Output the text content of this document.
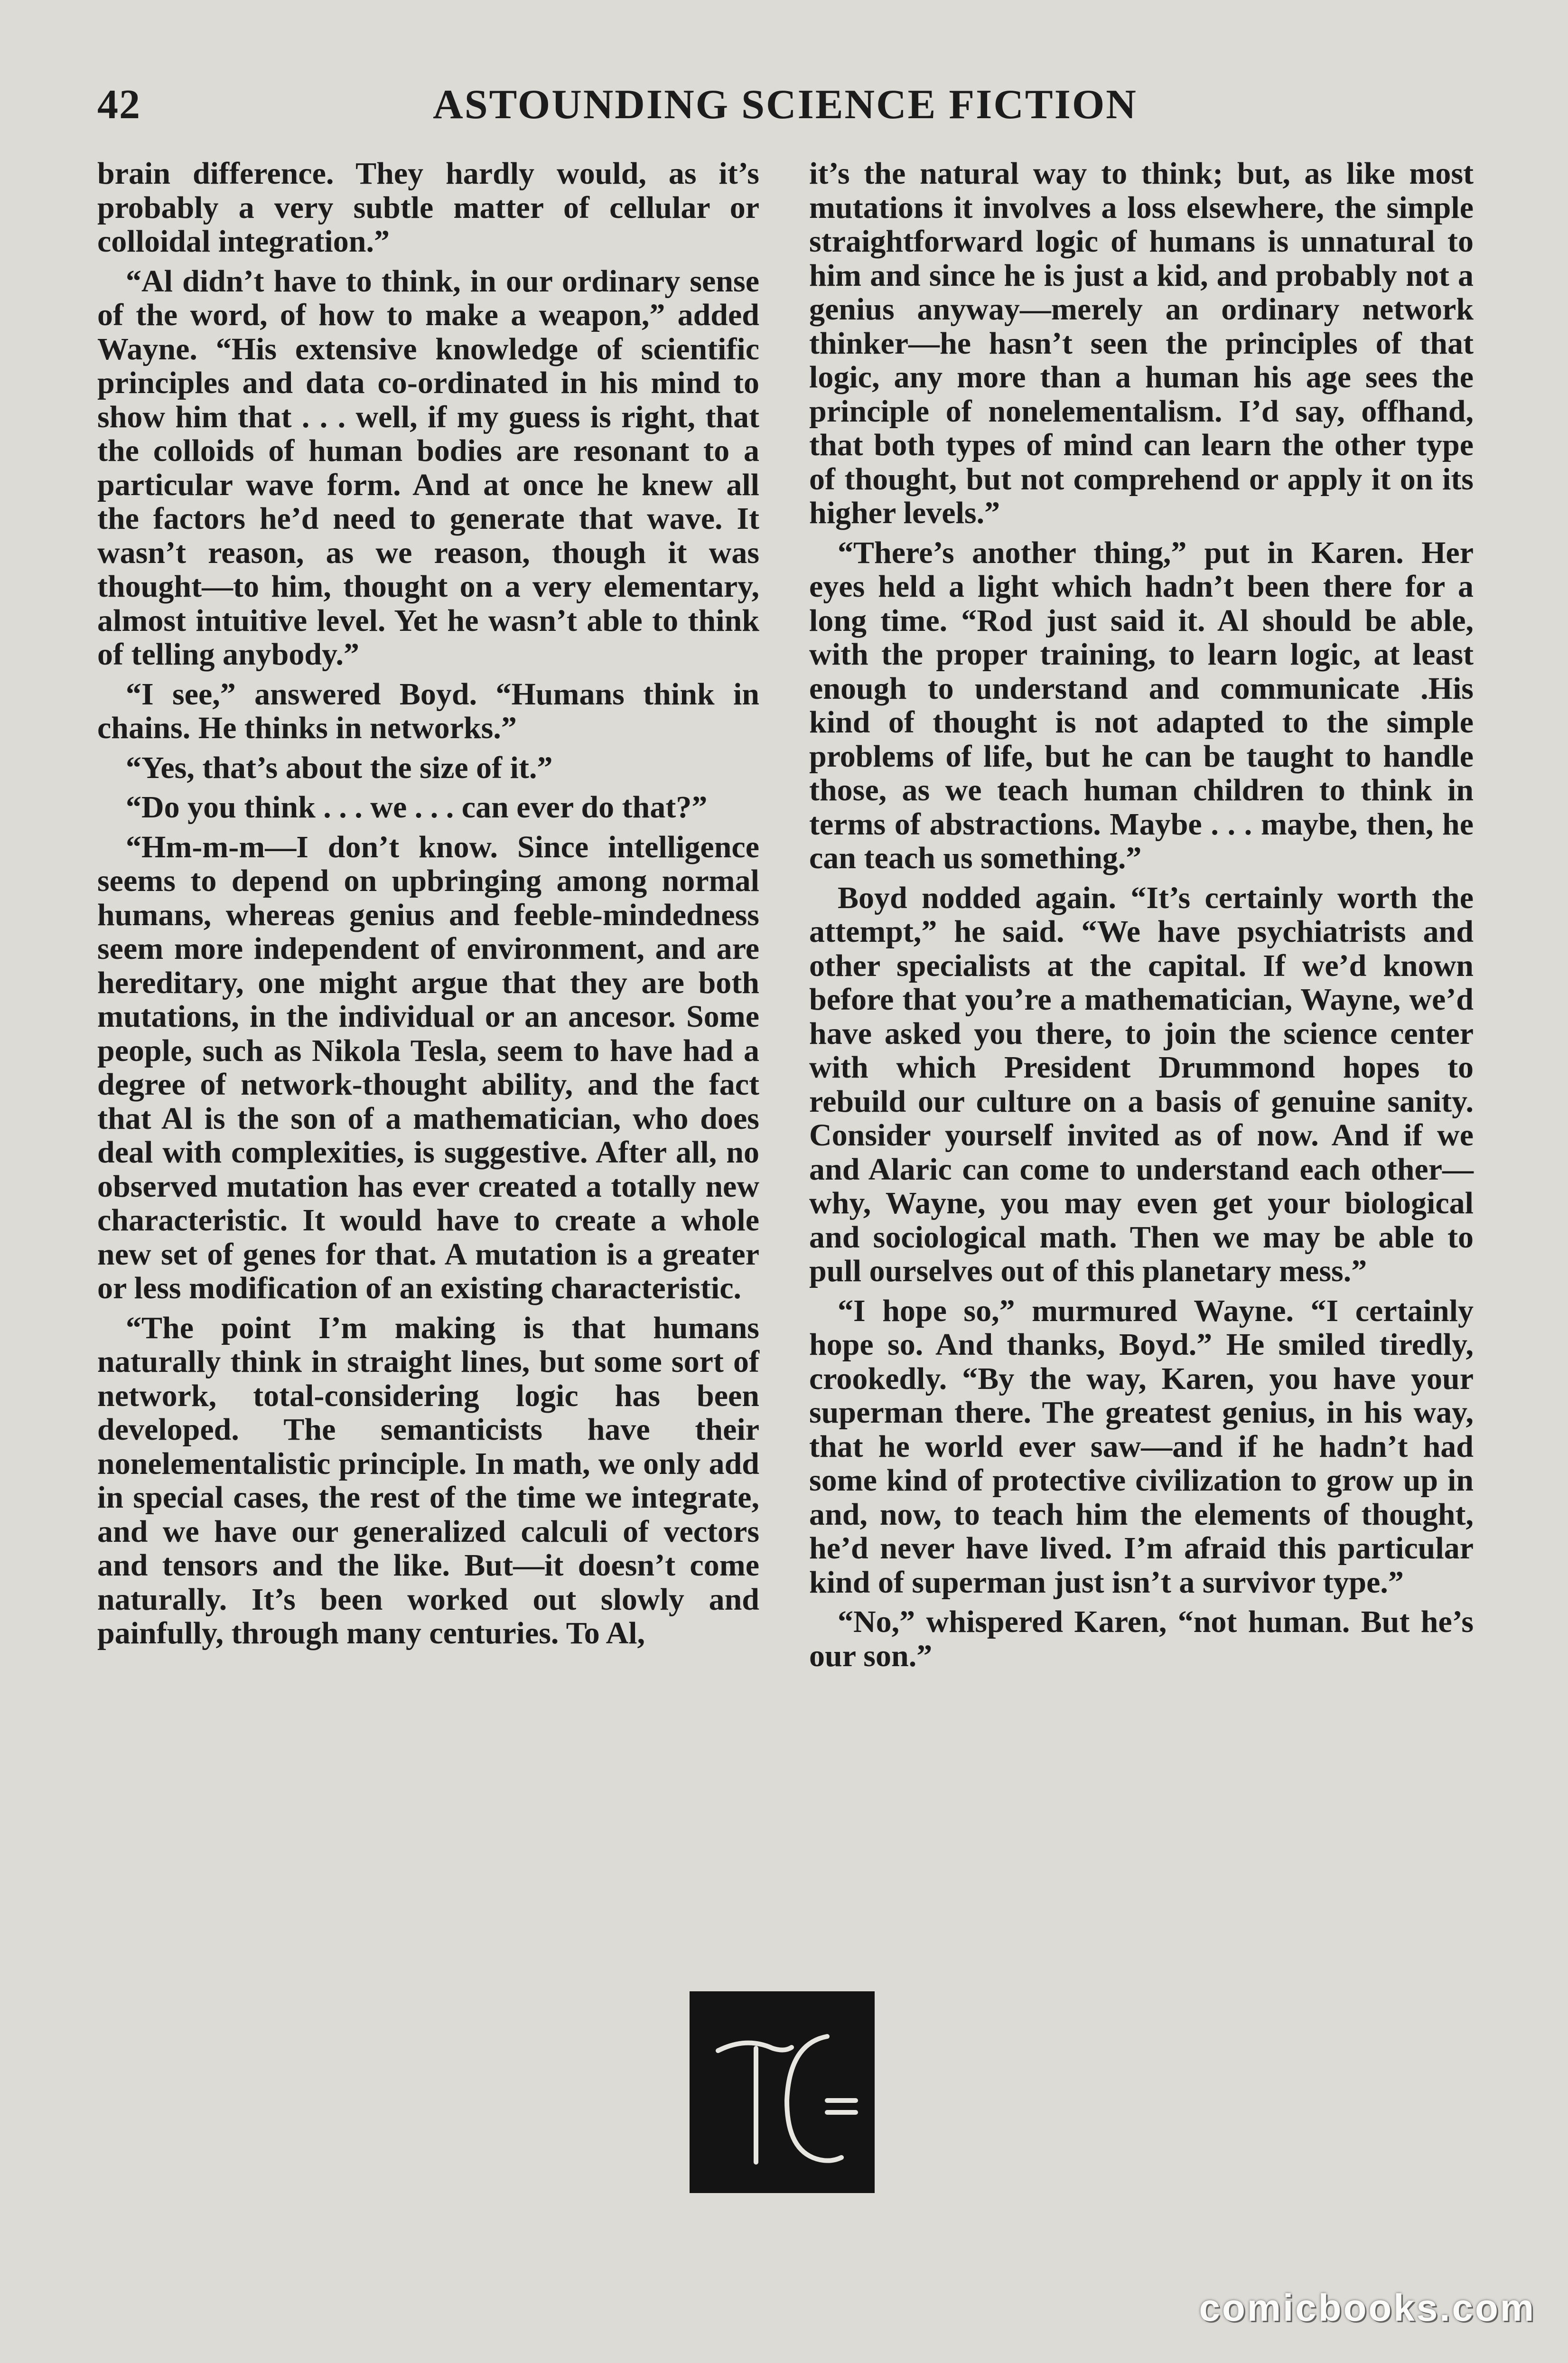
42	ASTOUNDING SCIENCE FICTION

brain difference. They hardly would, as it’s probably a very subtle matter of cellular or colloidal integration.”

“Al didn’t have to think, in our ordinary sense of the word, of how to make a weapon,” added Wayne. “His extensive knowledge of scientific principles and data co-ordinated in his mind to show him that . . . well, if my guess is right, that the colloids of human bodies are resonant to a particular wave form. And at once he knew all the factors he’d need to generate that wave. It wasn’t reason, as we reason, though it was thought—to him, thought on a very elementary, almost intuitive level. Yet he wasn’t able to think of telling anybody.”

“I see,” answered Boyd. “Humans think in chains. He thinks in networks.”

“Yes, that’s about the size of it.”

“Do you think . . . we . . . can ever do that?”

“Hm-m-m—I don’t know. Since intelligence seems to depend on upbringing among normal humans, whereas genius and feeble-mindedness seem more independent of environment, and are hereditary, one might argue that they are both mutations, in the individual or an ancesor. Some people, such as Nikola Tesla, seem to have had a degree of network-thought ability, and the fact that Al is the son of a mathematician, who does deal with complexities, is suggestive. After all, no observed mutation has ever created a totally new characteristic. It would have to create a whole new set of genes for that. A mutation is a greater or less modification of an existing characteristic.

“The point I’m making is that humans naturally think in straight lines, but some sort of network, total-considering logic has been developed. The semanticists have their nonelementalistic principle. In math, we only add in special cases, the rest of the time we integrate, and we have our generalized calculi of vectors and tensors and the like. But—it doesn’t come naturally. It’s been worked out slowly and painfully, through many centuries. To Al,

it’s the natural way to think; but, as like most mutations it involves a loss elsewhere, the simple straightforward logic of humans is unnatural to him and since he is just a kid, and probably not a genius anyway—merely an ordinary network thinker—he hasn’t seen the principles of that logic, any more than a human his age sees the principle of nonelementalism. I’d say, offhand, that both types of mind can learn the other type of thought, but not comprehend or apply it on its higher levels.”

“There’s another thing,” put in Karen. Her eyes held a light which hadn’t been there for a long time. “Rod just said it. Al should be able, with the proper training, to learn logic, at least enough to understand and communicate .His kind of thought is not adapted to the simple problems of life, but he can be taught to handle those, as we teach human children to think in terms of abstractions. Maybe . . . maybe, then, he can teach us something.”

Boyd nodded again. “It’s certainly worth the attempt,” he said. “We have psychiatrists and other specialists at the capital. If we’d known before that you’re a mathematician, Wayne, we’d have asked you there, to join the science center with which President Drummond hopes to rebuild our culture on a basis of genuine sanity. Consider yourself invited as of now. And if we and Alaric can come to understand each other—why, Wayne, you may even get your biological and sociological math. Then we may be able to pull ourselves out of this planetary mess.”

“I hope so,” murmured Wayne. “I certainly hope so. And thanks, Boyd.” He smiled tiredly, crookedly. “By the way, Karen, you have your superman there. The greatest genius, in his way, that he world ever saw—and if he hadn’t had some kind of protective civilization to grow up in and, now, to teach him the elements of thought, he’d never have lived. I’m afraid this particular kind of superman just isn’t a survivor type.”

“No,” whispered Karen, “not human. But he’s our son.”

comicbooks.com
